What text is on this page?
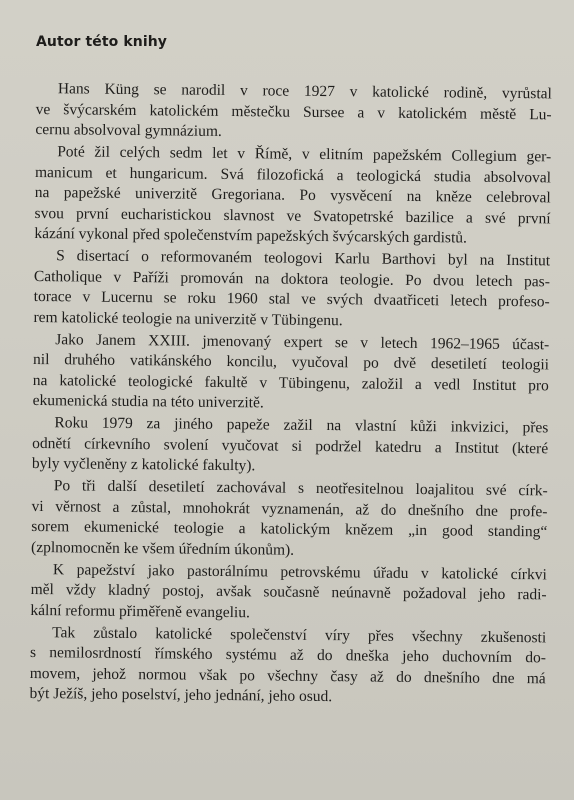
Autor této knihy
Hans Küng se narodil v roce 1927 v katolické rodině, vyrůstal
ve švýcarském katolickém městečku Sursee a v katolickém městě Lu-
cernu absolvoval gymnázium.
Poté žil celých sedm let v Římě, v elitním papežském Collegium ger-
manicum et hungaricum. Svá filozofická a teologická studia absolvoval
na papežské univerzitě Gregoriana. Po vysvěcení na kněze celebroval
svou první eucharistickou slavnost ve Svatopetrské bazilice a své první
kázání vykonal před společenstvím papežských švýcarských gardistů.
S disertací o reformovaném teologovi Karlu Barthovi byl na Institut
Catholique v Paříži promován na doktora teologie. Po dvou letech pas-
torace v Lucernu se roku 1960 stal ve svých dvaatřiceti letech profeso-
rem katolické teologie na univerzitě v Tübingenu.
Jako Janem XXIII. jmenovaný expert se v letech 1962–1965 účast-
nil druhého vatikánského koncilu, vyučoval po dvě desetiletí teologii
na katolické teologické fakultě v Tübingenu, založil a vedl Institut pro
ekumenická studia na této univerzitě.
Roku 1979 za jiného papeže zažil na vlastní kůži inkvizici, přes
odnětí církevního svolení vyučovat si podržel katedru a Institut (které
byly vyčleněny z katolické fakulty).
Po tři další desetiletí zachovával s neotřesitelnou loajalitou své círk-
vi věrnost a zůstal, mnohokrát vyznamenán, až do dnešního dne profe-
sorem ekumenické teologie a katolickým knězem „in good standing“
(zplnomocněn ke všem úředním úkonům).
K papežství jako pastorálnímu petrovskému úřadu v katolické církvi
měl vždy kladný postoj, avšak současně neúnavně požadoval jeho radi-
kální reformu přiměřeně evangeliu.
Tak zůstalo katolické společenství víry přes všechny zkušenosti
s nemilosrdností římského systému až do dneška jeho duchovním do-
movem, jehož normou však po všechny časy až do dnešního dne má
být Ježíš, jeho poselství, jeho jednání, jeho osud.
